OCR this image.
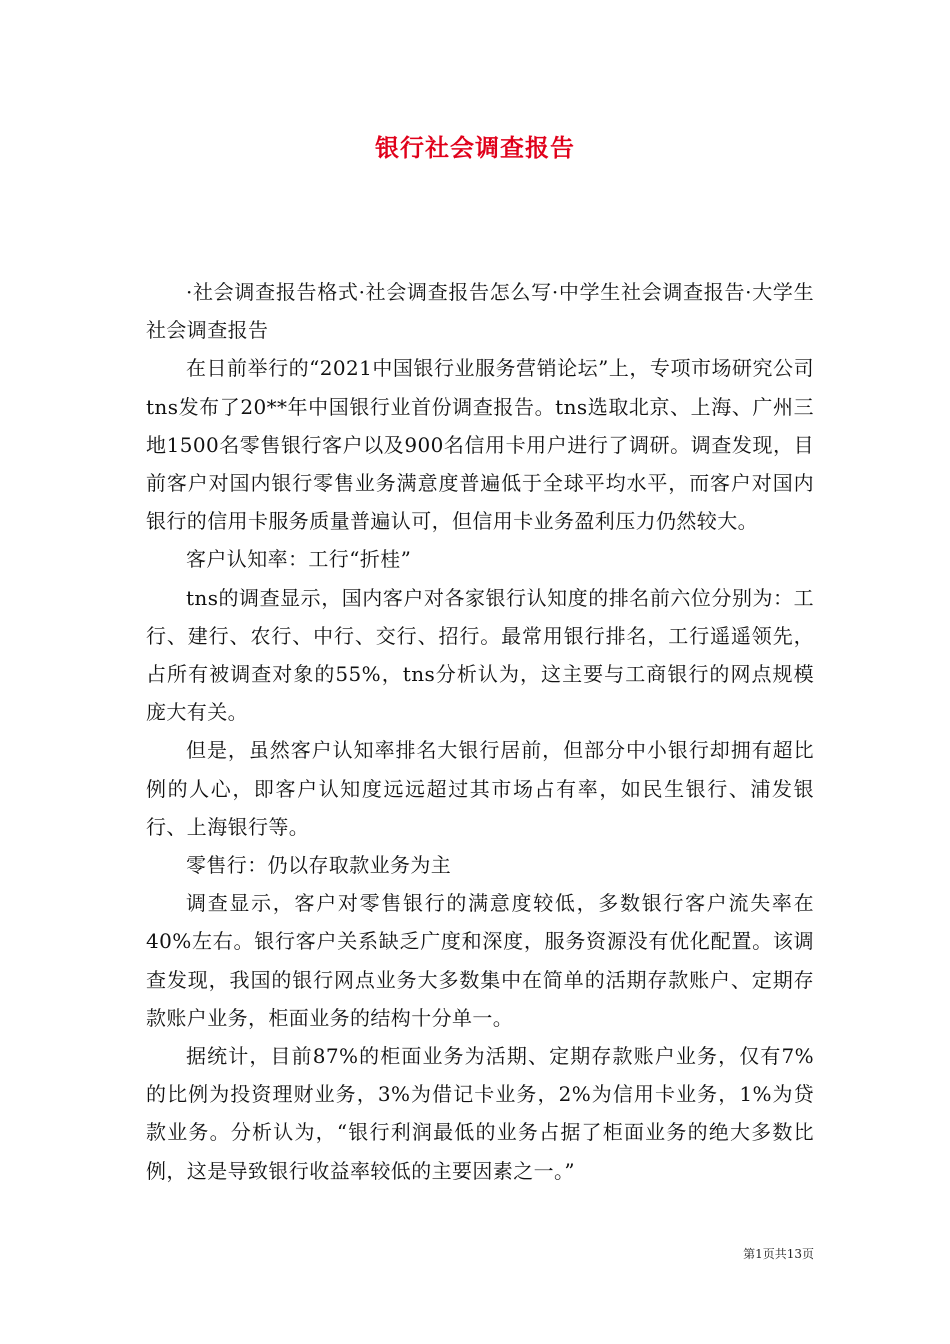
银行社会调查报告

·社会调查报告格式·社会调查报告怎么写·中学生社会调查报告·大学生社会调查报告

在日前举行的“2021中国银行业服务营销论坛”上，专项市场研究公司tns发布了20**年中国银行业首份调查报告。tns选取北京、上海、广州三地1500名零售银行客户以及900名信用卡用户进行了调研。调查发现，目前客户对国内银行零售业务满意度普遍低于全球平均水平，而客户对国内银行的信用卡服务质量普遍认可，但信用卡业务盈利压力仍然较大。

客户认知率：工行“折桂”

tns的调查显示，国内客户对各家银行认知度的排名前六位分别为：工行、建行、农行、中行、交行、招行。最常用银行排名，工行遥遥领先，占所有被调查对象的55%，tns分析认为，这主要与工商银行的网点规模庞大有关。

但是，虽然客户认知率排名大银行居前，但部分中小银行却拥有超比例的人心，即客户认知度远远超过其市场占有率，如民生银行、浦发银行、上海银行等。

零售行：仍以存取款业务为主

调查显示，客户对零售银行的满意度较低，多数银行客户流失率在40%左右。银行客户关系缺乏广度和深度，服务资源没有优化配置。该调查发现，我国的银行网点业务大多数集中在简单的活期存款账户、定期存款账户业务，柜面业务的结构十分单一。

据统计，目前87%的柜面业务为活期、定期存款账户业务，仅有7%的比例为投资理财业务，3%为借记卡业务，2%为信用卡业务，1%为贷款业务。分析认为，“银行利润最低的业务占据了柜面业务的绝大多数比例，这是导致银行收益率较低的主要因素之一。”

第1页共13页
